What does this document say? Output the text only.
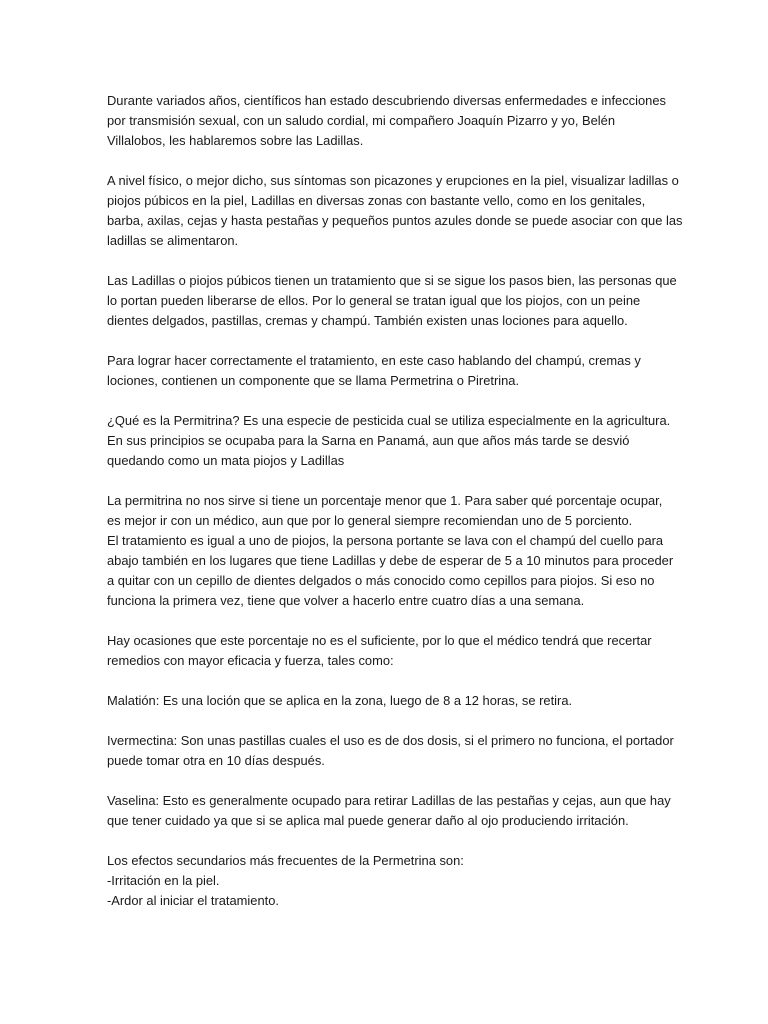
Durante variados años, científicos han estado descubriendo diversas enfermedades e infecciones
por transmisión sexual, con un saludo cordial, mi compañero Joaquín Pizarro y yo, Belén
Villalobos, les hablaremos sobre las Ladillas.

A nivel físico, o mejor dicho, sus síntomas son picazones y erupciones en la piel, visualizar ladillas o
piojos púbicos en la piel, Ladillas en diversas zonas con bastante vello, como en los genitales,
barba, axilas, cejas y hasta pestañas y pequeños puntos azules donde se puede asociar con que las
ladillas se alimentaron.

Las Ladillas o piojos púbicos tienen un tratamiento que si se sigue los pasos bien, las personas que
lo portan pueden liberarse de ellos. Por lo general se tratan igual que los piojos, con un peine
dientes delgados, pastillas, cremas y champú. También existen unas lociones para aquello.

Para lograr hacer correctamente el tratamiento, en este caso hablando del champú, cremas y
lociones, contienen un componente que se llama Permetrina o Piretrina.

¿Qué es la Permitrina? Es una especie de pesticida cual se utiliza especialmente en la agricultura.
En sus principios se ocupaba para la Sarna en Panamá, aun que años más tarde se desvió
quedando como un mata piojos y Ladillas

La permitrina no nos sirve si tiene un porcentaje menor que 1. Para saber qué porcentaje ocupar,
es mejor ir con un médico, aun que por lo general siempre recomiendan uno de 5 porciento.
El tratamiento es igual a uno de piojos, la persona portante se lava con el champú del cuello para
abajo también en los lugares que tiene Ladillas y debe de esperar de 5 a 10 minutos para proceder
a quitar con un cepillo de dientes delgados o más conocido como cepillos para piojos. Si eso no
funciona la primera vez, tiene que volver a hacerlo entre cuatro días a una semana.

Hay ocasiones que este porcentaje no es el suficiente, por lo que el médico tendrá que recertar
remedios con mayor eficacia y fuerza, tales como:

Malatión: Es una loción que se aplica en la zona, luego de 8 a 12 horas, se retira.

Ivermectina: Son unas pastillas cuales el uso es de dos dosis, si el primero no funciona, el portador
puede tomar otra en 10 días después.

Vaselina: Esto es generalmente ocupado para retirar Ladillas de las pestañas y cejas, aun que hay
que tener cuidado ya que si se aplica mal puede generar daño al ojo produciendo irritación.

Los efectos secundarios más frecuentes de la Permetrina son:
-Irritación en la piel.
-Ardor al iniciar el tratamiento.
